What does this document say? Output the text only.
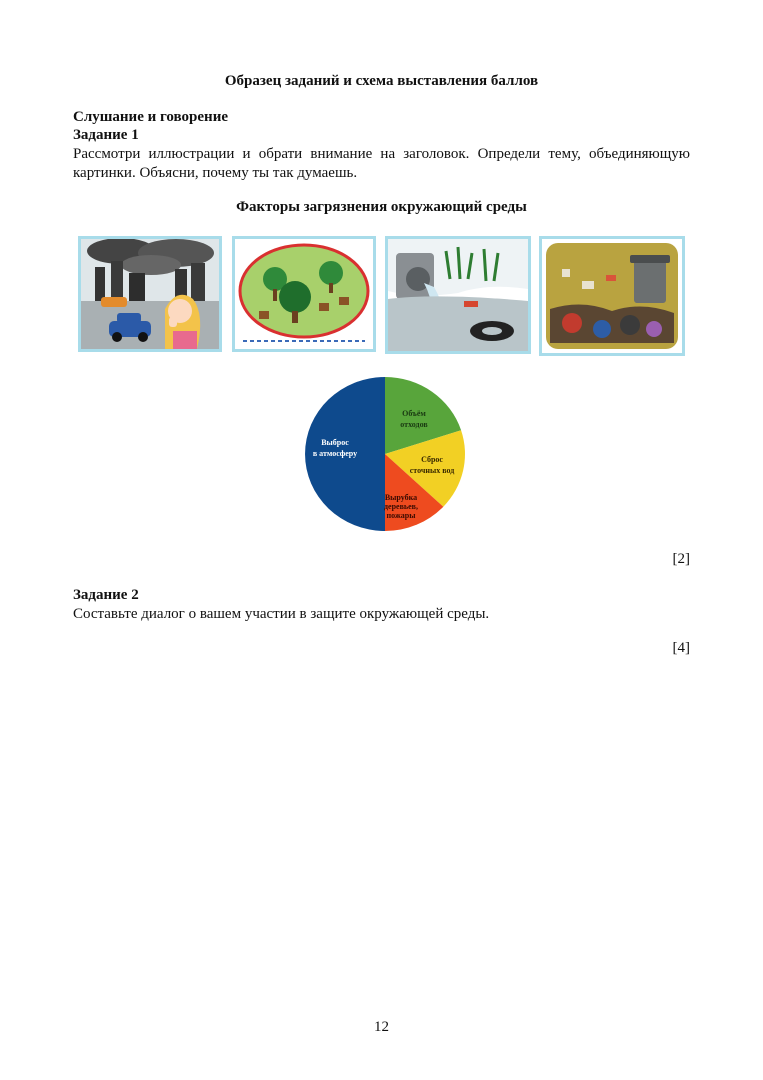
Образец заданий и схема выставления баллов
Слушание и говорение
Задание 1
Рассмотри иллюстрации и обрати внимание на заголовок. Определи тему, объединяющую
картинки. Объясни, почему ты так думаешь.
Факторы загрязнения окружающий среды
Выброс
в атмосферу
Объём
отходов
Сброс
сточных вод
Вырубка
деревьев,
пожары
[2]
Задание 2
Составьте диалог о вашем участии в защите окружающей среды.
[4]
12
